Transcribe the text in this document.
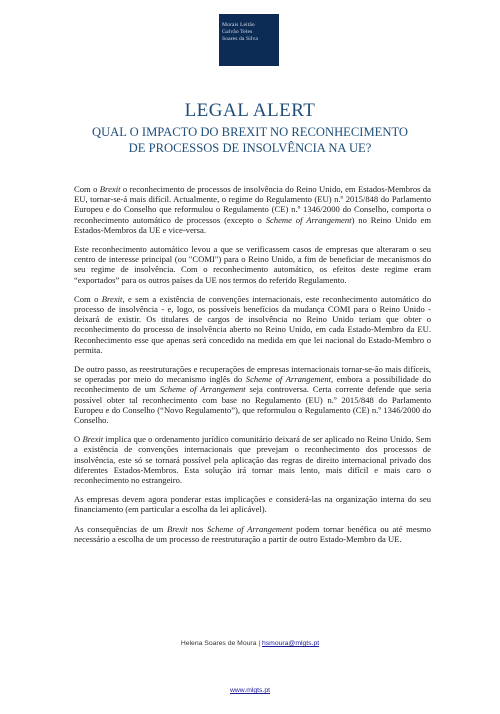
Morais Leitão
Galvão Teles
Soares da Silva
LEGAL ALERT
QUAL O IMPACTO DO BREXIT NO RECONHECIMENTO
DE PROCESSOS DE INSOLVÊNCIA NA UE?

Com o Brexit o reconhecimento de processos de insolvência do Reino Unido, em Estados-Membros da EU, tornar-se-á mais difícil. Actualmente, o regime do Regulamento (EU) n.º 2015/848 do Parlamento Europeu e do Conselho que reformulou o Regulamento (CE) n.º 1346/2000 do Conselho, comporta o reconhecimento automático de processos (excepto o Scheme of Arrangement) no Reino Unido em Estados-Membros da UE e vice-versa.

Este reconhecimento automático levou a que se verificassem casos de empresas que alteraram o seu centro de interesse principal (ou "COMI") para o Reino Unido, a fim de beneficiar de mecanismos do seu regime de insolvência. Com o reconhecimento automático, os efeitos deste regime eram “exportados” para os outros países da UE nos termos do referido Regulamento.

Com o Brexit, e sem a existência de convenções internacionais, este reconhecimento automático do processo de insolvência - e, logo, os possíveis benefícios da mudança COMI para o Reino Unido - deixará de existir. Os titulares de cargos de insolvência no Reino Unido teriam que obter o reconhecimento do processo de insolvência aberto no Reino Unido, em cada Estado-Membro da EU. Reconhecimento esse que apenas será concedido na medida em que lei nacional do Estado-Membro o permita.

De outro passo, as reestruturações e recuperações de empresas internacionais tornar-se-ão mais difíceis, se operadas por meio do mecanismo inglês do Scheme of Arrangement, embora a possibilidade do reconhecimento de um Scheme of Arrangement seja controversa. Certa corrente defende que seria possível obter tal reconhecimento com base no Regulamento (EU) n.º 2015/848 do Parlamento Europeu e do Conselho (“Novo Regulamento”), que reformulou o Regulamento (CE) n.º 1346/2000 do Conselho.

O Brexit implica que o ordenamento jurídico comunitário deixará de ser aplicado no Reino Unido. Sem a existência de convenções internacionais que prevejam o reconhecimento dos processos de insolvência, este só se tornará possível pela aplicação das regras de direito internacional privado dos diferentes Estados-Membros. Esta solução irá tornar mais lento, mais difícil e mais caro o reconhecimento no estrangeiro.

As empresas devem agora ponderar estas implicações e considerá-las na organização interna do seu financiamento (em particular a escolha da lei aplicável).

As consequências de um Brexit nos Scheme of Arrangement podem tornar benéfica ou até mesmo necessário a escolha de um processo de reestruturação a partir de outro Estado-Membro da UE.

Helena Soares de Moura | hsmoura@mlgts.pt
www.mlgts.pt
